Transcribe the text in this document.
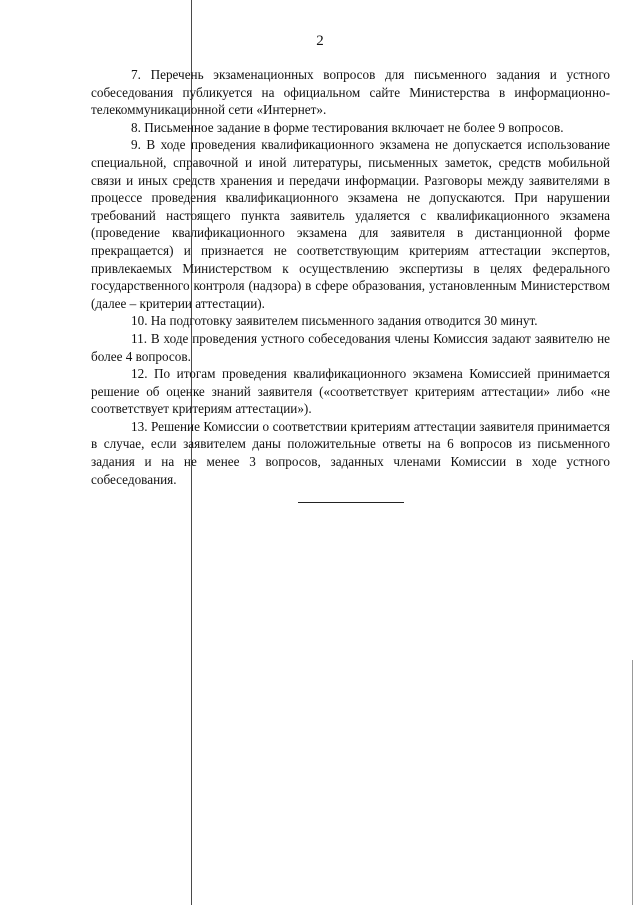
2

7. Перечень экзаменационных вопросов для письменного задания и устного собеседования публикуется на официальном сайте Министерства в информационно-телекоммуникационной сети «Интернет».

8. Письменное задание в форме тестирования включает не более 9 вопросов.

9. В ходе проведения квалификационного экзамена не допускается использование специальной, справочной и иной литературы, письменных заметок, средств мобильной связи и иных средств хранения и передачи информации. Разговоры между заявителями в процессе проведения квалификационного экзамена не допускаются. При нарушении требований настоящего пункта заявитель удаляется с квалификационного экзамена (проведение квалификационного экзамена для заявителя в дистанционной форме прекращается) и признается не соответствующим критериям аттестации экспертов, привлекаемых Министерством к осуществлению экспертизы в целях федерального государственного контроля (надзора) в сфере образования, установленным Министерством (далее – критерии аттестации).

10. На подготовку заявителем письменного задания отводится 30 минут.

11. В ходе проведения устного собеседования члены Комиссия задают заявителю не более 4 вопросов.

12. По итогам проведения квалификационного экзамена Комиссией принимается решение об оценке знаний заявителя («соответствует критериям аттестации» либо «не соответствует критериям аттестации»).

13. Решение Комиссии о соответствии критериям аттестации заявителя принимается в случае, если заявителем даны положительные ответы на 6 вопросов из письменного задания и на не менее 3 вопросов, заданных членами Комиссии в ходе устного собеседования.
